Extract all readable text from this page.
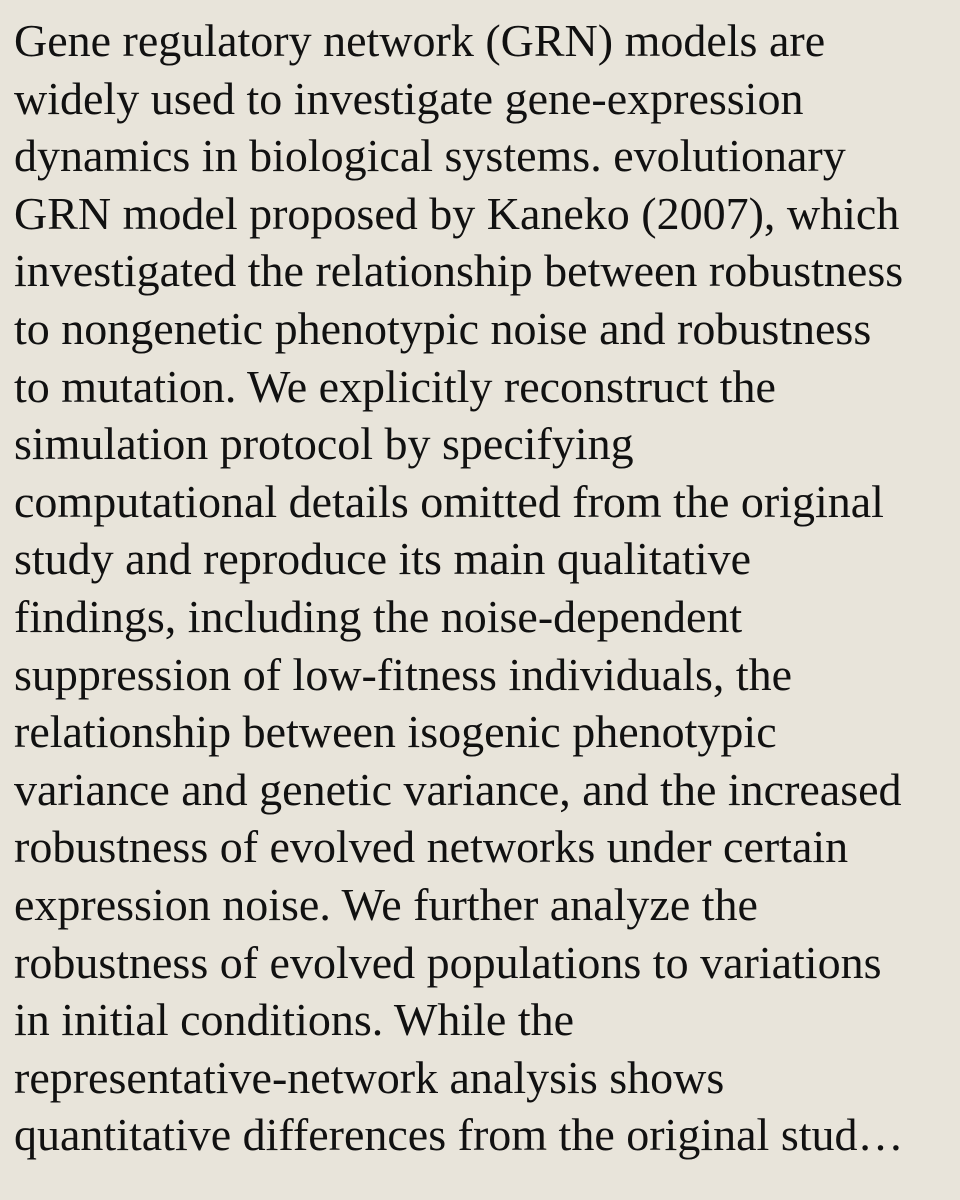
Gene regulatory network (GRN) models are
widely used to investigate gene-expression
dynamics in biological systems. evolutionary
GRN model proposed by Kaneko (2007), which
investigated the relationship between robustness
to nongenetic phenotypic noise and robustness
to mutation. We explicitly reconstruct the
simulation protocol by specifying
computational details omitted from the original
study and reproduce its main qualitative
findings, including the noise-dependent
suppression of low-fitness individuals, the
relationship between isogenic phenotypic
variance and genetic variance, and the increased
robustness of evolved networks under certain
expression noise. We further analyze the
robustness of evolved populations to variations
in initial conditions. While the
representative-network analysis shows
quantitative differences from the original stud…
